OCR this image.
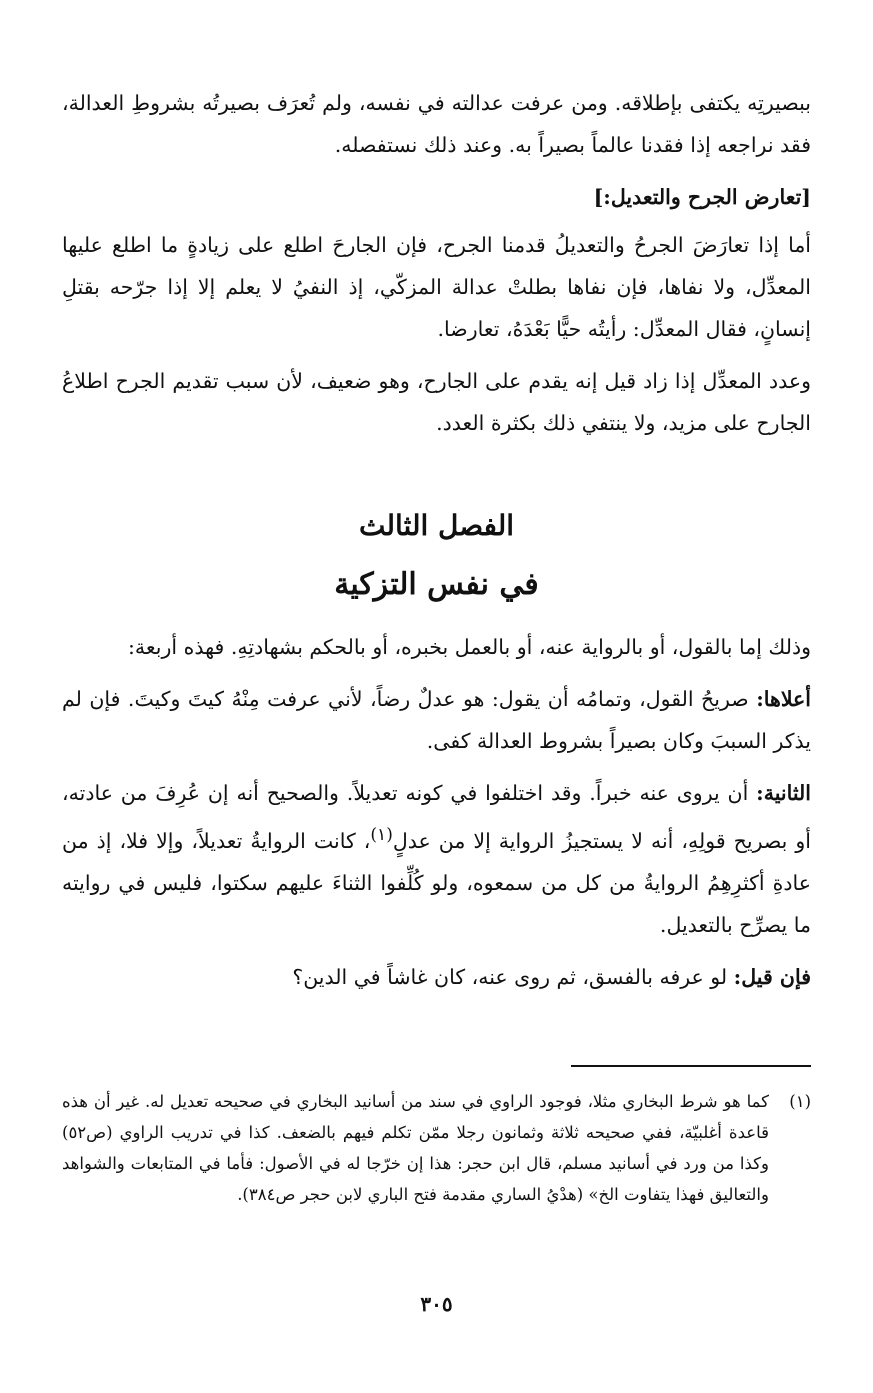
ببصيرتِه يكتفى بإطلاقه. ومن عرفت عدالته في نفسه، ولم تُعرَف بصيرتُه بشروطِ العدالة، فقد نراجعه إذا فقدنا عالماً بصيراً به. وعند ذلك نستفصله.

[تعارض الجرح والتعديل:]

أما إذا تعارَضَ الجرحُ والتعديلُ قدمنا الجرح، فإن الجارحَ اطلع على زيادةٍ ما اطلع عليها المعدِّل، ولا نفاها، فإن نفاها بطلتْ عدالة المزكّي، إذ النفيُ لا يعلم إلا إذا جرّحه بقتلِ إنسانٍ، فقال المعدِّل: رأيتُه حيًّا بَعْدَهُ، تعارضا.

وعدد المعدِّل إذا زاد قيل إنه يقدم على الجارح، وهو ضعيف، لأن سبب تقديم الجرح اطلاعُ الجارح على مزيد، ولا ينتفي ذلك بكثرة العدد.

الفصل الثالث
في نفس التزكية

وذلك إما بالقول، أو بالرواية عنه، أو بالعمل بخبره، أو بالحكم بشهادتِهِ. فهذه أربعة:

أعلاها: صريحُ القول، وتمامُه أن يقول: هو عدلٌ رضاً، لأني عرفت مِنْهُ كيتَ وكيتَ. فإن لم يذكر السببَ وكان بصيراً بشروط العدالة كفى.

الثانية: أن يروى عنه خبراً. وقد اختلفوا في كونه تعديلاً. والصحيح أنه إن عُرِفَ من عادته، أو بصريح قولِهِ، أنه لا يستجيزُ الرواية إلا من عدلٍ$^{(١)}$، كانت الروايةُ تعديلاً، وإلا فلا، إذ من عادةِ أكثرِهِمُ الروايةُ من كل من سمعوه، ولو كُلِّفوا الثناءَ عليهم سكتوا، فليس في روايته ما يصرِّح بالتعديل.

فإن قيل: لو عرفه بالفسق، ثم روى عنه، كان غاشاً في الدين؟

(١)
كما هو شرط البخاري مثلا، فوجود الراوي في سند من أسانيد البخاري في صحيحه تعديل له. غير أن هذه قاعدة أغلبيّة، ففي صحيحه ثلاثة وثمانون رجلا ممّن تكلم فيهم بالضعف. كذا في تدريب الراوي (ص٥٢) وكذا من ورد في أسانيد مسلم، قال ابن حجر: هذا إن خرّجا له في الأصول: فأما في المتابعات والشواهد والتعاليق فهذا يتفاوت الخ» (هدْيُ الساري مقدمة فتح الباري لابن حجر ص٣٨٤).
٣٠٥
